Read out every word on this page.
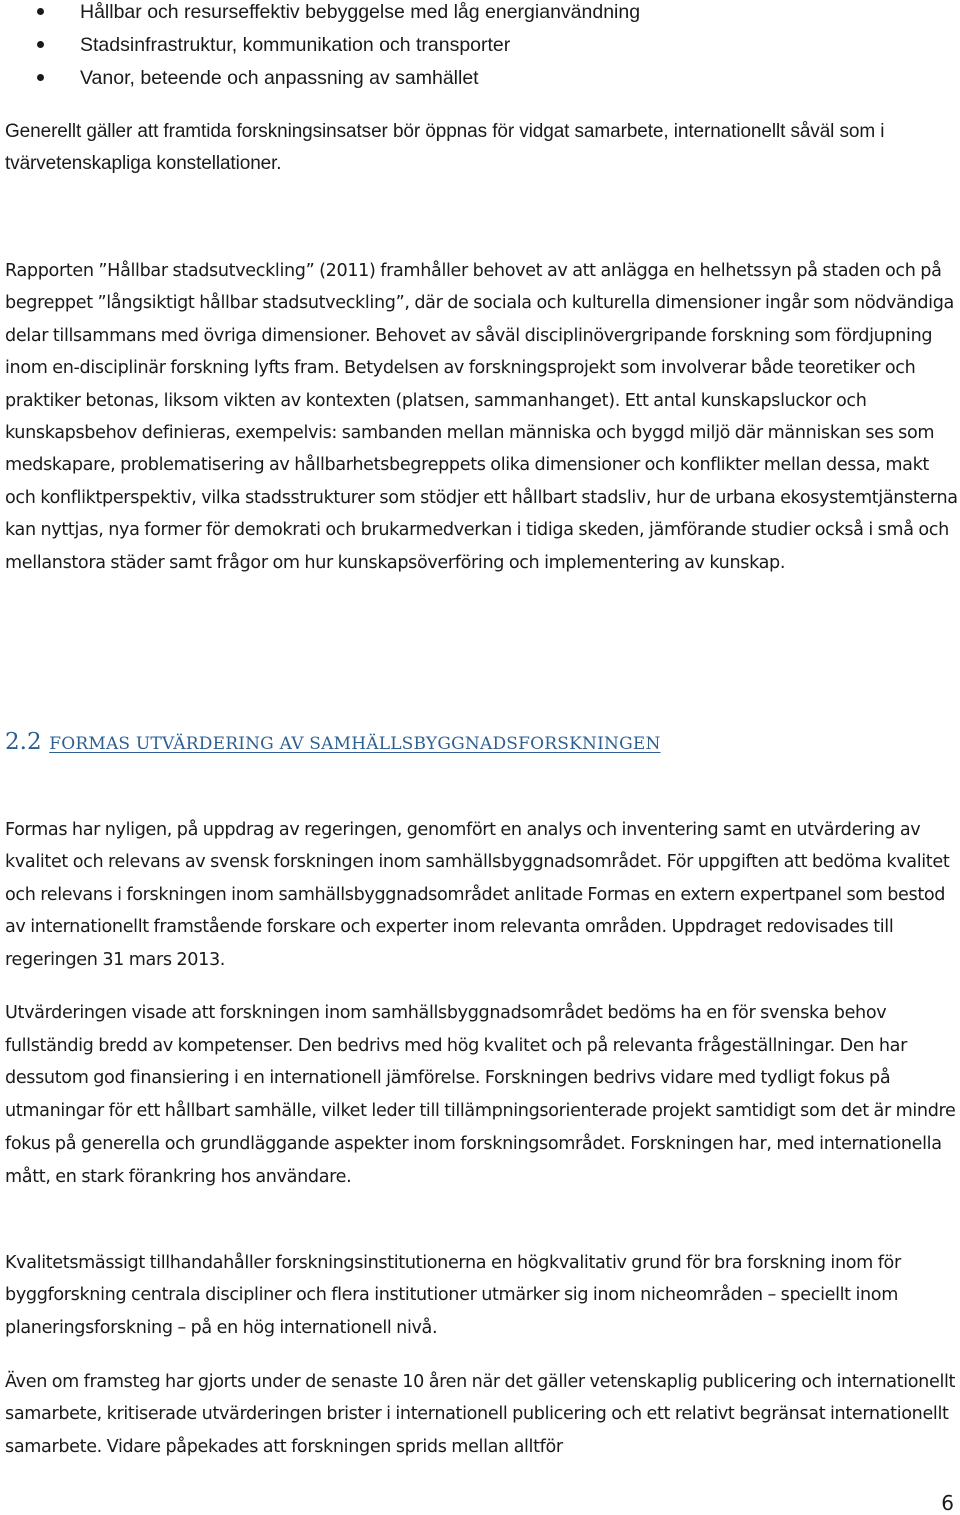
Hållbar och resurseffektiv bebyggelse med låg energianvändning
Stadsinfrastruktur, kommunikation och transporter
Vanor, beteende och anpassning av samhället

Generellt gäller att framtida forskningsinsatser bör öppnas för vidgat samarbete, internationellt såväl som i tvärvetenskapliga konstellationer.

Rapporten ”Hållbar stadsutveckling” (2011) framhåller behovet av att anlägga en helhetssyn på staden och på begreppet ”långsiktigt hållbar stadsutveckling”, där de sociala och kulturella dimensioner ingår som nödvändiga delar tillsammans med övriga dimensioner. Behovet av såväl disciplinövergripande forskning som fördjupning inom en-disciplinär forskning lyfts fram. Betydelsen av forskningsprojekt som involverar både teoretiker och praktiker betonas, liksom vikten av kontexten (platsen, sammanhanget). Ett antal kunskapsluckor och kunskapsbehov definieras, exempelvis: sambanden mellan människa och byggd miljö där människan ses som medskapare, problematisering av hållbarhetsbegreppets olika dimensioner och konflikter mellan dessa, makt och konfliktperspektiv, vilka stadsstrukturer som stödjer ett hållbart stadsliv, hur de urbana ekosystemtjänsterna kan nyttjas, nya former för demokrati och brukarmedverkan i tidiga skeden, jämförande studier också i små och mellanstora städer samt frågor om hur kunskapsöverföring och implementering av kunskap.

2.2 FORMAS UTVÄRDERING AV SAMHÄLLSBYGGNADSFORSKNINGEN

Formas har nyligen, på uppdrag av regeringen, genomfört en analys och inventering samt en utvärdering av kvalitet och relevans av svensk forskningen inom samhällsbyggnadsområdet. För uppgiften att bedöma kvalitet och relevans i forskningen inom samhällsbyggnadsområdet anlitade Formas en extern expertpanel som bestod av internationellt framstående forskare och experter inom relevanta områden. Uppdraget redovisades till regeringen 31 mars 2013.

Utvärderingen visade att forskningen inom samhällsbyggnadsområdet bedöms ha en för svenska behov fullständig bredd av kompetenser. Den bedrivs med hög kvalitet och på relevanta frågeställningar. Den har dessutom god finansiering i en internationell jämförelse. Forskningen bedrivs vidare med tydligt fokus på utmaningar för ett hållbart samhälle, vilket leder till tillämpningsorienterade projekt samtidigt som det är mindre fokus på generella och grundläggande aspekter inom forskningsområdet. Forskningen har, med internationella mått, en stark förankring hos användare.

Kvalitetsmässigt tillhandahåller forskningsinstitutionerna en högkvalitativ grund för bra forskning inom för byggforskning centrala discipliner och flera institutioner utmärker sig inom nicheområden – speciellt inom planeringsforskning – på en hög internationell nivå.

Även om framsteg har gjorts under de senaste 10 åren när det gäller vetenskaplig publicering och internationellt samarbete, kritiserade utvärderingen brister i internationell publicering och ett relativt begränsat internationellt samarbete. Vidare påpekades att forskningen sprids mellan alltför

6
